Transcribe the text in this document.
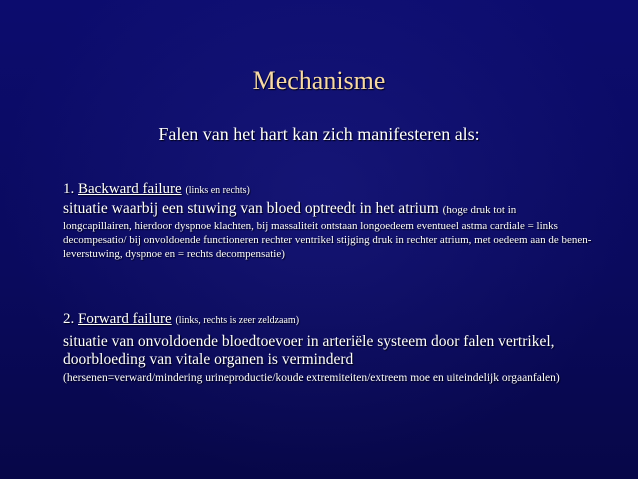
Mechanisme
Falen van het hart kan zich manifesteren als:
1. Backward failure (links en rechts)
situatie waarbij een stuwing van bloed optreedt in het atrium (hoge druk tot in
longcapillairen, hierdoor dyspnoe klachten, bij massaliteit ontstaan longoedeem eventueel astma cardiale = links decompesatio/ bij onvoldoende functioneren rechter ventrikel stijging druk in rechter atrium, met oedeem aan de benen- leverstuwing, dyspnoe en = rechts decompensatie)
2. Forward failure (links, rechts is zeer zeldzaam)
situatie van onvoldoende bloedtoevoer in arteriële systeem door falen vertrikel, doorbloeding van vitale organen is verminderd
(hersenen=verward/mindering urineproductie/koude extremiteiten/extreem moe en uiteindelijk orgaanfalen)
